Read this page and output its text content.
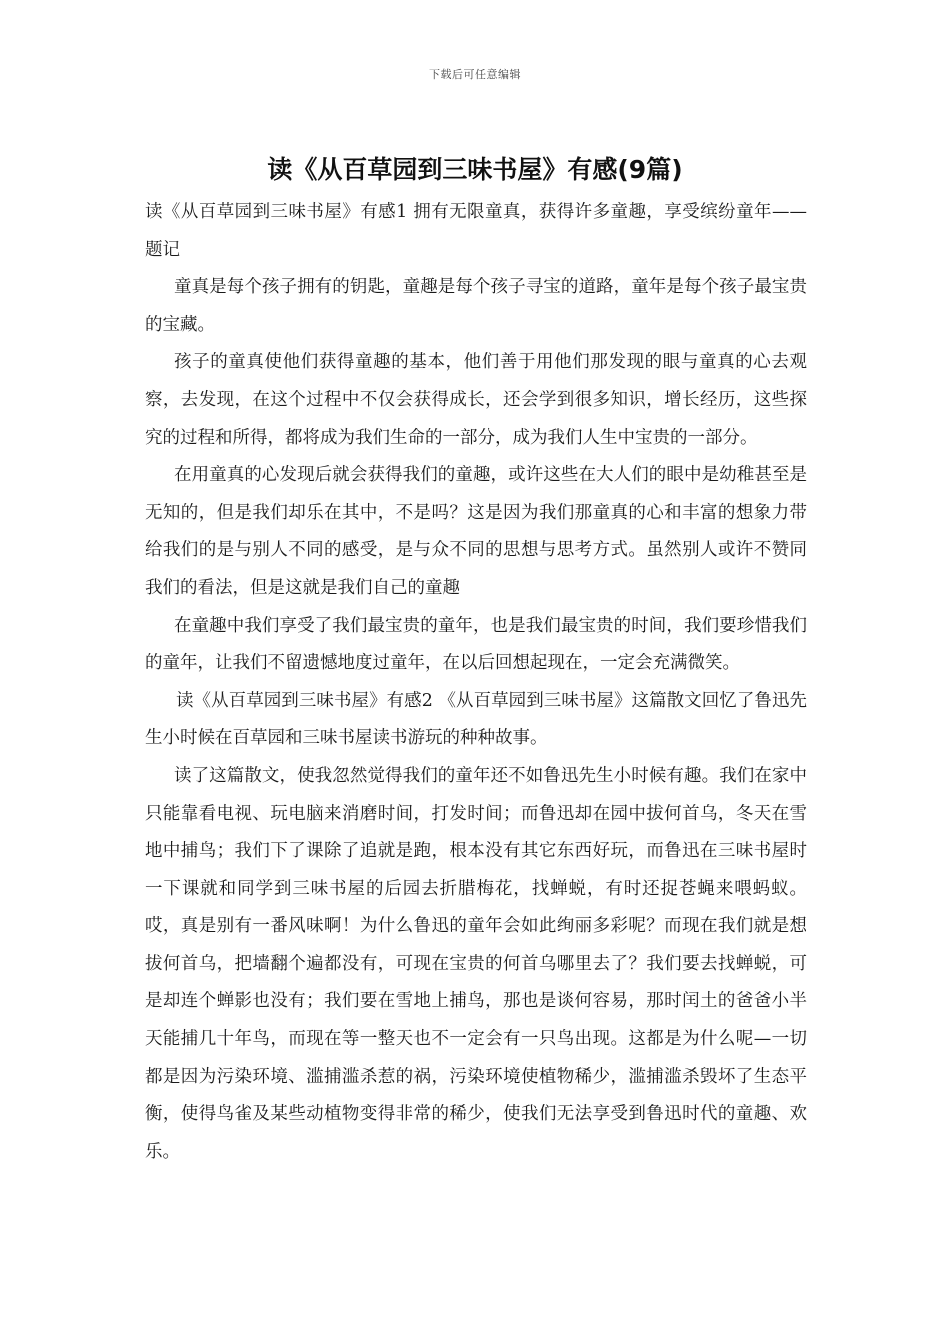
下载后可任意编辑
读《从百草园到三味书屋》有感(9篇)

读《从百草园到三味书屋》有感1 拥有无限童真，获得许多童趣，享受缤纷童年——题记

童真是每个孩子拥有的钥匙，童趣是每个孩子寻宝的道路，童年是每个孩子最宝贵的宝藏。

孩子的童真使他们获得童趣的基本，他们善于用他们那发现的眼与童真的心去观察，去发现，在这个过程中不仅会获得成长，还会学到很多知识，增长经历，这些探究的过程和所得，都将成为我们生命的一部分，成为我们人生中宝贵的一部分。

在用童真的心发现后就会获得我们的童趣，或许这些在大人们的眼中是幼稚甚至是无知的，但是我们却乐在其中，不是吗？这是因为我们那童真的心和丰富的想象力带给我们的是与别人不同的感受，是与众不同的思想与思考方式。虽然别人或许不赞同我们的看法，但是这就是我们自己的童趣

在童趣中我们享受了我们最宝贵的童年，也是我们最宝贵的时间，我们要珍惜我们的童年，让我们不留遗憾地度过童年，在以后回想起现在，一定会充满微笑。

读《从百草园到三味书屋》有感2 《从百草园到三味书屋》这篇散文回忆了鲁迅先生小时候在百草园和三味书屋读书游玩的种种故事。

读了这篇散文，使我忽然觉得我们的童年还不如鲁迅先生小时候有趣。我们在家中只能靠看电视、玩电脑来消磨时间，打发时间；而鲁迅却在园中拔何首乌，冬天在雪地中捕鸟；我们下了课除了追就是跑，根本没有其它东西好玩，而鲁迅在三味书屋时一下课就和同学到三味书屋的后园去折腊梅花，找蝉蜕，有时还捉苍蝇来喂蚂蚁。哎，真是别有一番风味啊！为什么鲁迅的童年会如此绚丽多彩呢？而现在我们就是想拔何首乌，把墙翻个遍都没有，可现在宝贵的何首乌哪里去了？我们要去找蝉蜕，可是却连个蝉影也没有；我们要在雪地上捕鸟，那也是谈何容易，那时闰土的爸爸小半天能捕几十年鸟，而现在等一整天也不一定会有一只鸟出现。这都是为什么呢—一切都是因为污染环境、滥捕滥杀惹的祸，污染环境使植物稀少，滥捕滥杀毁坏了生态平衡，使得鸟雀及某些动植物变得非常的稀少，使我们无法享受到鲁迅时代的童趣、欢乐。
